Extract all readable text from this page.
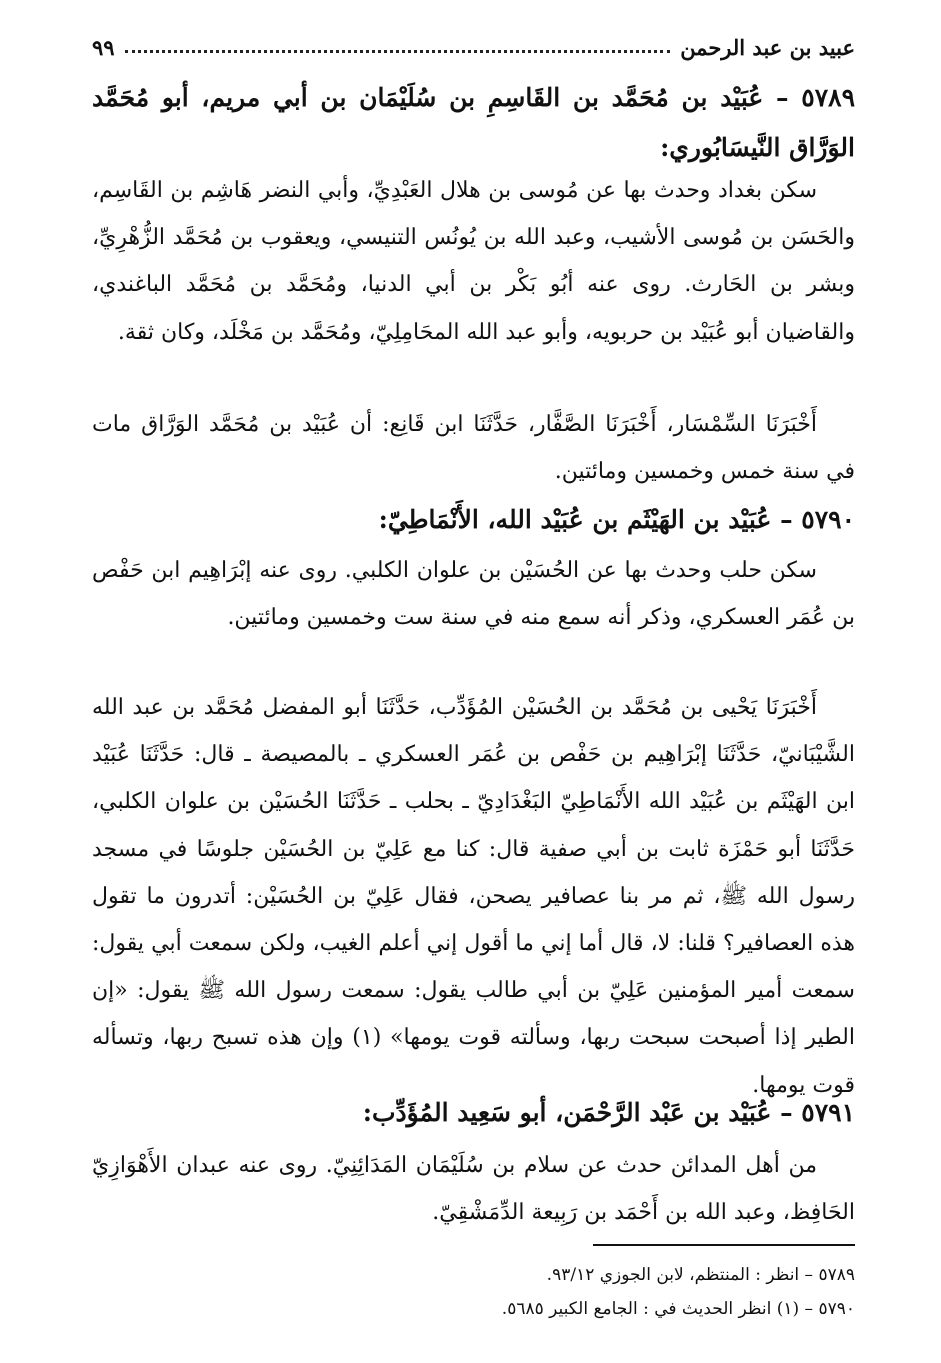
عبيد بن عبد الرحمن
٩٩
٥٧٨٩ – عُبَيْد بن مُحَمَّد بن القَاسِمِ بن سُلَيْمَان بن أبي مريم، أبو مُحَمَّد الوَرَّاق النَّيسَابُوري:

سكن بغداد وحدث بها عن مُوسى بن هلال العَبْدِيِّ، وأبي النضر هَاشِم بن القَاسِم، والحَسَن بن مُوسى الأشيب، وعبد الله بن يُونُس التنيسي، ويعقوب بن مُحَمَّد الزُّهْرِيِّ، وبشر بن الحَارث. روى عنه أبُو بَكْر بن أبي الدنيا، ومُحَمَّد بن مُحَمَّد الباغندي، والقاضيان أبو عُبَيْد بن حربويه، وأبو عبد الله المحَامِلِيّ، ومُحَمَّد بن مَخْلَد، وكان ثقة.

أَخْبَرَنَا السِّمْسَار، أَخْبَرَنَا الصَّفَّار، حَدَّثَنَا ابن قَانِع: أن عُبَيْد بن مُحَمَّد الوَرَّاق مات في سنة خمس وخمسين ومائتين.

٥٧٩٠ – عُبَيْد بن الهَيْثَم بن عُبَيْد الله، الأَنْمَاطِيّ:

سكن حلب وحدث بها عن الحُسَيْن بن علوان الكلبي. روى عنه إبْرَاهِيم ابن حَفْص بن عُمَر العسكري، وذكر أنه سمع منه في سنة ست وخمسين ومائتين.

أَخْبَرَنَا يَحْيى بن مُحَمَّد بن الحُسَيْن المُؤَدِّب، حَدَّثَنَا أبو المفضل مُحَمَّد بن عبد الله الشَّيْبَانيّ، حَدَّثَنَا إبْرَاهِيم بن حَفْص بن عُمَر العسكري ـ بالمصيصة ـ قال: حَدَّثَنَا عُبَيْد ابن الهَيْثَم بن عُبَيْد الله الأَنْمَاطِيّ البَغْدَادِيّ ـ بحلب ـ حَدَّثَنَا الحُسَيْن بن علوان الكلبي، حَدَّثَنَا أبو حَمْزَة ثابت بن أبي صفية قال: كنا مع عَلِيّ بن الحُسَيْن جلوسًا في مسجد رسول الله ﷺ، ثم مر بنا عصافير يصحن، فقال عَلِيّ بن الحُسَيْن: أتدرون ما تقول هذه العصافير؟ قلنا: لا، قال أما إني ما أقول إني أعلم الغيب، ولكن سمعت أبي يقول: سمعت أمير المؤمنين عَلِيّ بن أبي طالب يقول: سمعت رسول الله ﷺ يقول: «إن الطير إذا أصبحت سبحت ربها، وسألته قوت يومها» (١) وإن هذه تسبح ربها، وتسأله قوت يومها.

٥٧٩١ – عُبَيْد بن عَبْد الرَّحْمَن، أبو سَعِيد المُؤَدِّب:

من أهل المدائن حدث عن سلام بن سُلَيْمَان المَدَائِنِيّ. روى عنه عبدان الأَهْوَازِيّ الحَافِظ، وعبد الله بن أَحْمَد بن رَبِيعة الدِّمَشْقِيّ.

٥٧٨٩ – انظر : المنتظم، لابن الجوزي ٩٣/١٢.
٥٧٩٠ – (١) انظر الحديث في : الجامع الكبير ٥٦٨٥.
